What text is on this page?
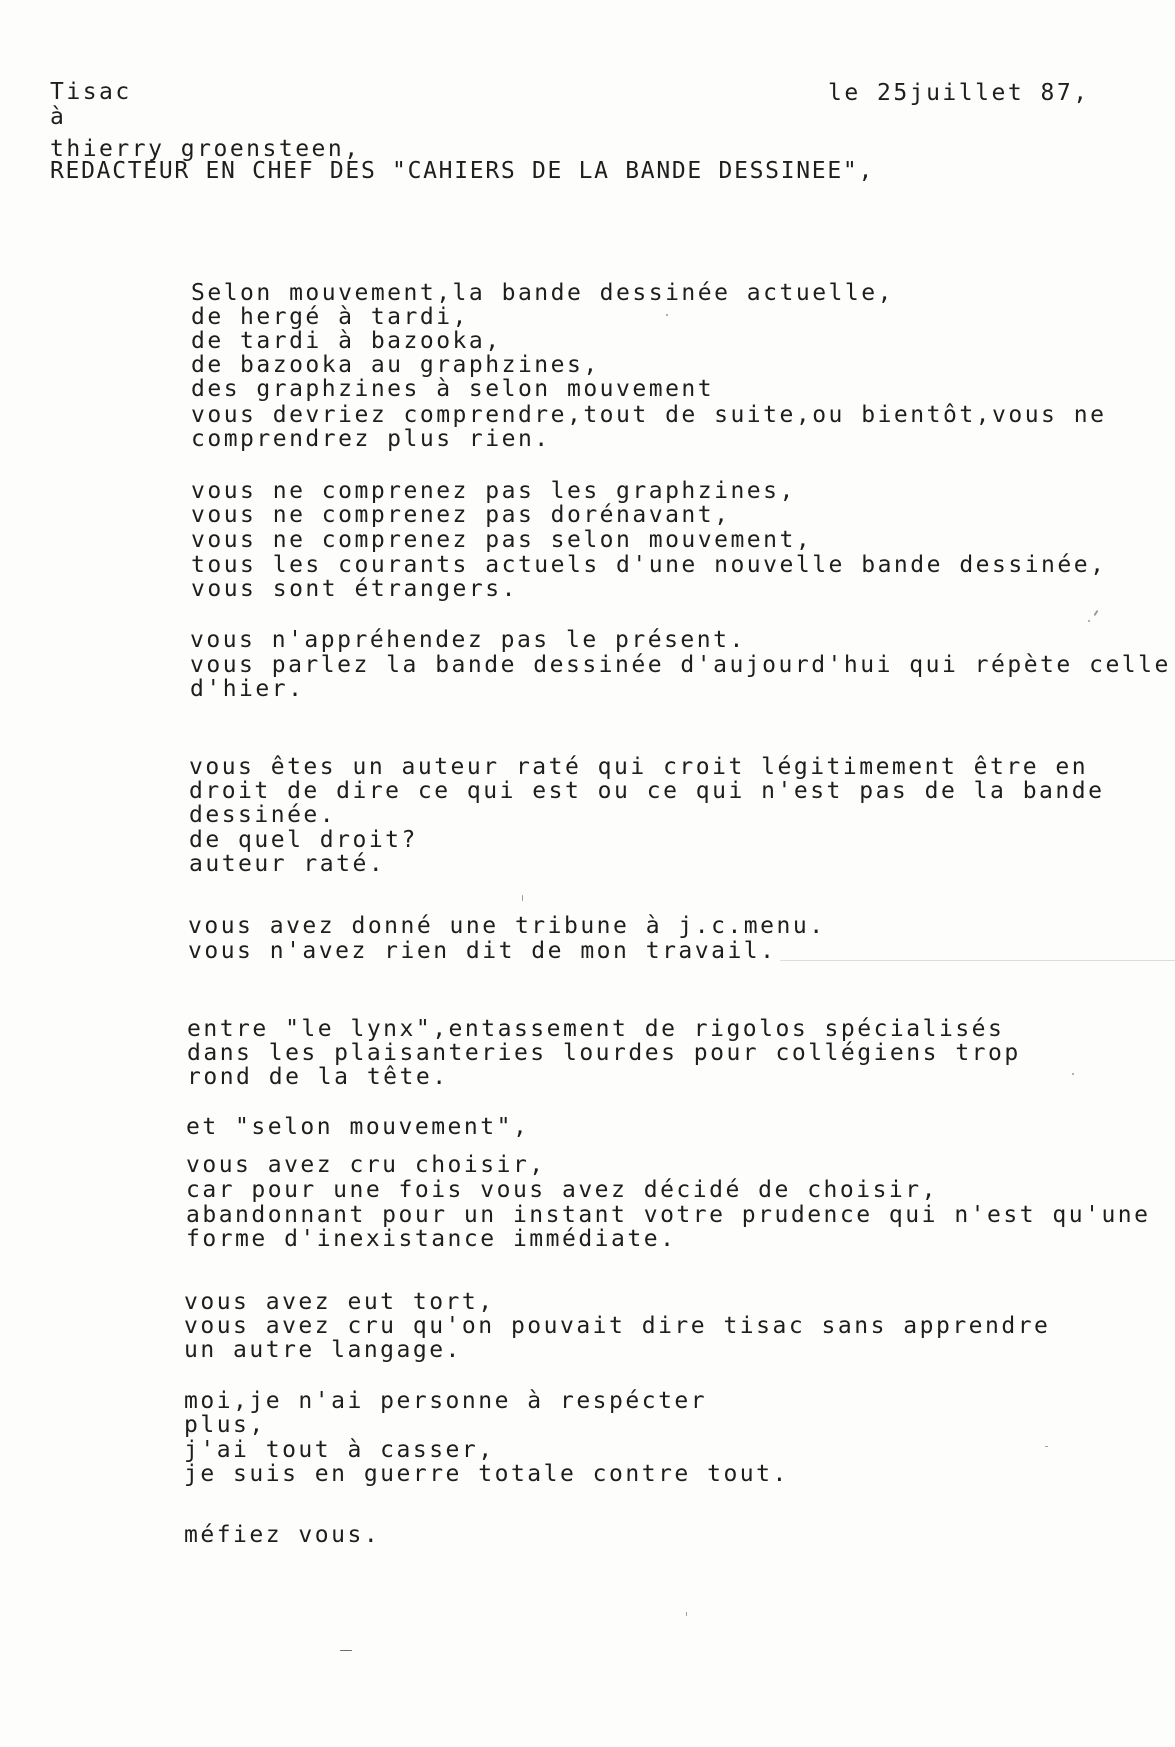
Tisac	le 25juillet 87,
à
thierry groensteen,
REDACTEUR EN CHEF DES "CAHIERS DE LA BANDE DESSINEE",
Selon mouvement,la bande dessinée actuelle,
de hergé à tardi,
de tardi à bazooka,
de bazooka au graphzines,
des graphzines à selon mouvement
vous devriez comprendre,tout de suite,ou bientôt,vous ne
comprendrez plus rien.
vous ne comprenez pas les graphzines,
vous ne comprenez pas dorénavant,
vous ne comprenez pas selon mouvement,
tous les courants actuels d'une nouvelle bande dessinée,
vous sont étrangers.
vous n'appréhendez pas le présent.
vous parlez la bande dessinée d'aujourd'hui qui répète celle
d'hier.
vous êtes un auteur raté qui croit légitimement être en
droit de dire ce qui est ou ce qui n'est pas de la bande
dessinée.
de quel droit?
auteur raté.
vous avez donné une tribune à j.c.menu.
vous n'avez rien dit de mon travail.
entre "le lynx",entassement de rigolos spécialisés
dans les plaisanteries lourdes pour collégiens trop
rond de la tête.
et "selon mouvement",
vous avez cru choisir,
car pour une fois vous avez décidé de choisir,
abandonnant pour un instant votre prudence qui n'est qu'une
forme d'inexistance immédiate.
vous avez eut tort,
vous avez cru qu'on pouvait dire tisac sans apprendre
un autre langage.
moi,je n'ai personne à respécter
plus,
j'ai tout à casser,
je suis en guerre totale contre tout.
méfiez vous.
